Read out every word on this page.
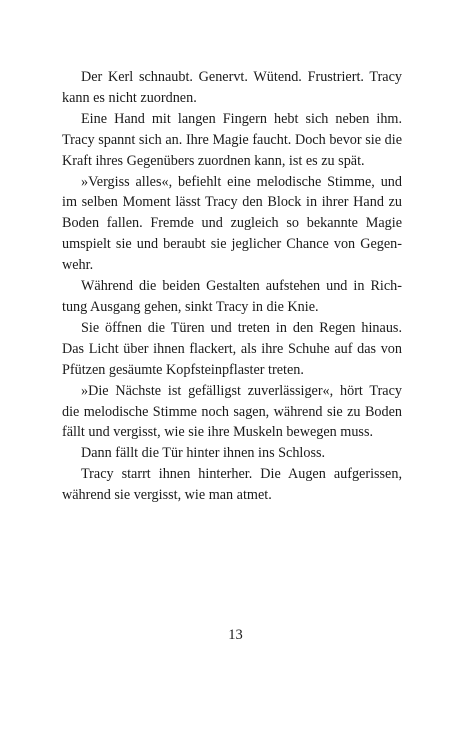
Der Kerl schnaubt. Genervt. Wütend. Frustriert. Tracy kann es nicht zuordnen.

Eine Hand mit langen Fingern hebt sich neben ihm. Tracy spannt sich an. Ihre Magie faucht. Doch bevor sie die Kraft ihres Gegenübers zuordnen kann, ist es zu spät.

»Vergiss alles«, befiehlt eine melodische Stimme, und im selben Moment lässt Tracy den Block in ihrer Hand zu Boden fallen. Fremde und zugleich so bekannte Magie umspielt sie und beraubt sie jeglicher Chance von Gegenwehr.

Während die beiden Gestalten aufstehen und in Richtung Ausgang gehen, sinkt Tracy in die Knie.

Sie öffnen die Türen und treten in den Regen hinaus. Das Licht über ihnen flackert, als ihre Schuhe auf das von Pfützen gesäumte Kopfsteinpflaster treten.

»Die Nächste ist gefälligst zuverlässiger«, hört Tracy die melodische Stimme noch sagen, während sie zu Boden fällt und vergisst, wie sie ihre Muskeln bewegen muss.

Dann fällt die Tür hinter ihnen ins Schloss.

Tracy starrt ihnen hinterher. Die Augen aufgerissen, während sie vergisst, wie man atmet.

13
